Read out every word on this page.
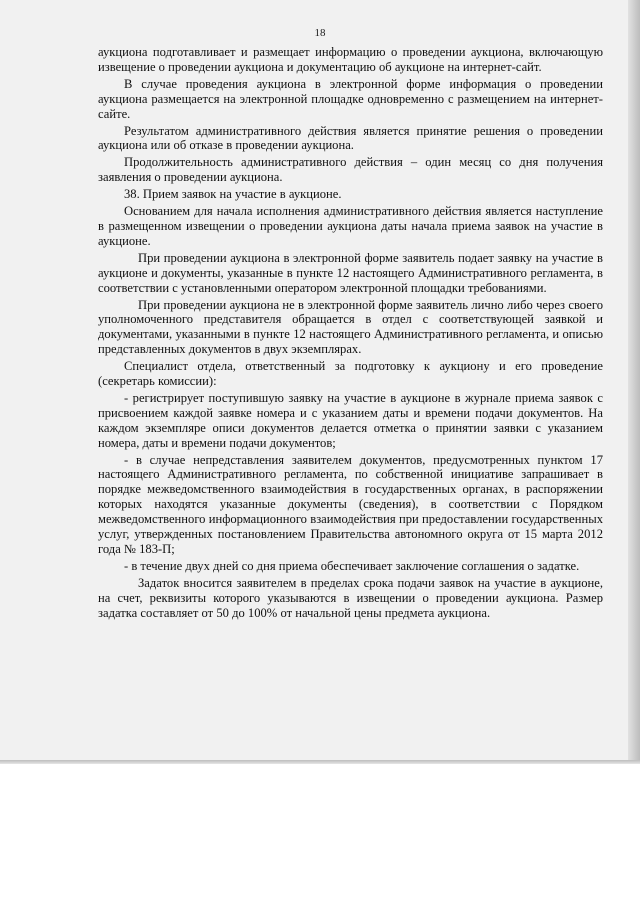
18

аукциона подготавливает и размещает информацию о проведении аукциона, включающую извещение о проведении аукциона и документацию об аукционе на интернет-сайт.

В случае проведения аукциона в электронной форме информация о проведении аукциона размещается на электронной площадке одновременно с размещением на интернет-сайте.

Результатом административного действия является принятие решения о проведении аукциона или об отказе в проведении аукциона.

Продолжительность административного действия – один месяц со дня получения заявления о проведении аукциона.

38. Прием заявок на участие в аукционе.

Основанием для начала исполнения административного действия является наступление в размещенном извещении о проведении аукциона даты начала приема заявок на участие в аукционе.

При проведении аукциона в электронной форме заявитель подает заявку на участие в аукционе и документы, указанные в пункте 12 настоящего Административного регламента, в соответствии с установленными оператором электронной площадки требованиями.

При проведении аукциона не в электронной форме заявитель лично либо через своего уполномоченного представителя обращается в отдел с соответствующей заявкой и документами, указанными в пункте 12 настоящего Административного регламента, и описью представленных документов в двух экземплярах.

Специалист отдела, ответственный за подготовку к аукциону и его проведение (секретарь комиссии):

- регистрирует поступившую заявку на участие в аукционе в журнале приема заявок с присвоением каждой заявке номера и с указанием даты и времени подачи документов. На каждом экземпляре описи документов делается отметка о принятии заявки с указанием номера, даты и времени подачи документов;

- в случае непредставления заявителем документов, предусмотренных пунктом 17 настоящего Административного регламента, по собственной инициативе запрашивает в порядке межведомственного взаимодействия в государственных органах, в распоряжении которых находятся указанные документы (сведения), в соответствии с Порядком межведомственного информационного взаимодействия при предоставлении государственных услуг, утвержденных постановлением Правительства автономного округа от 15 марта 2012 года № 183-П;

- в течение двух дней со дня приема обеспечивает заключение соглашения о задатке.

Задаток вносится заявителем в пределах срока подачи заявок на участие в аукционе, на счет, реквизиты которого указываются в извещении о проведении аукциона. Размер задатка составляет от 50 до 100% от начальной цены предмета аукциона.
